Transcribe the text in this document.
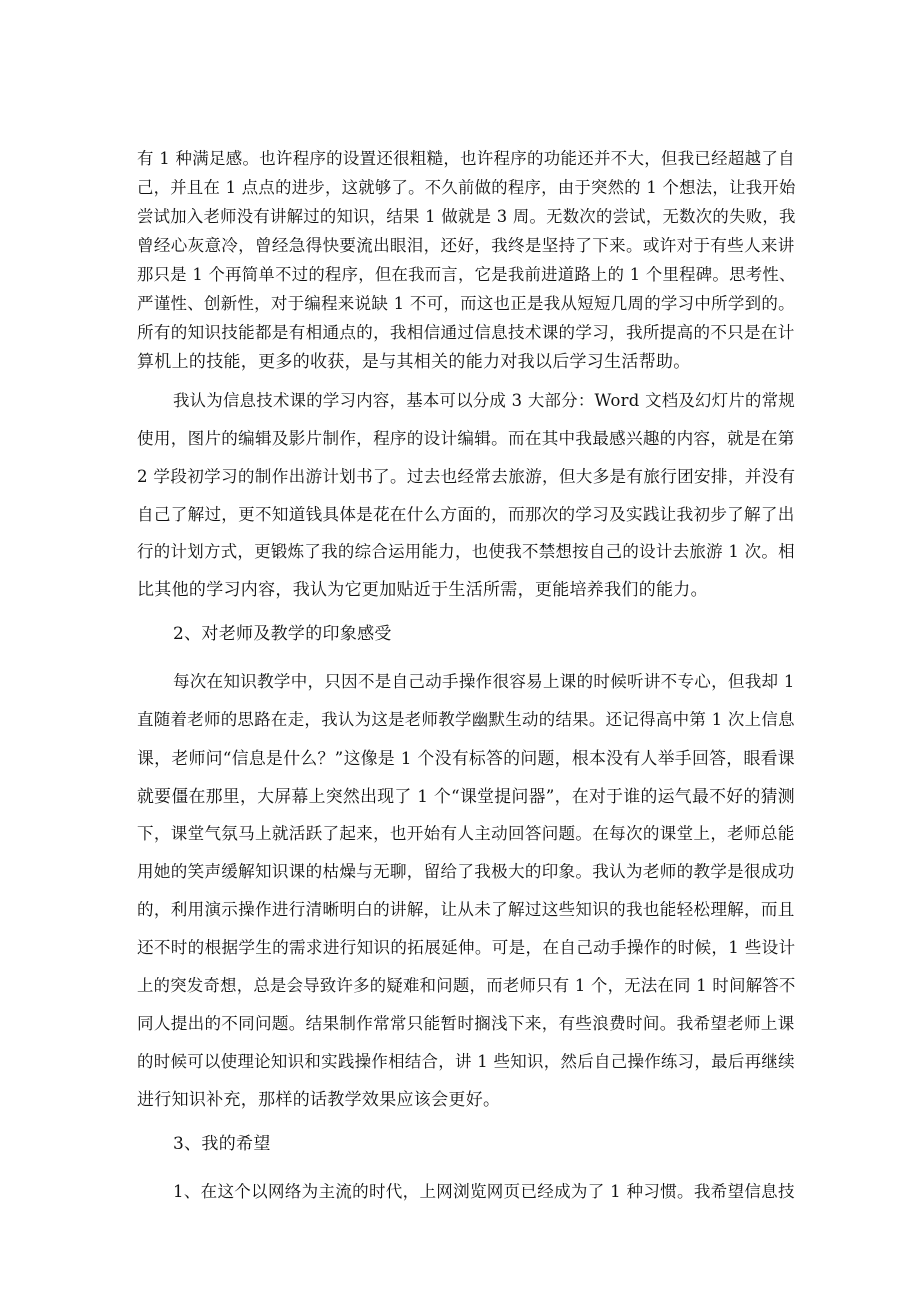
有 1 种满足感。也许程序的设置还很粗糙，也许程序的功能还并不大，但我已经超越了自
己，并且在 1 点点的进步，这就够了。不久前做的程序，由于突然的 1 个想法，让我开始
尝试加入老师没有讲解过的知识，结果 1 做就是 3 周。无数次的尝试，无数次的失败，我
曾经心灰意冷，曾经急得快要流出眼泪，还好，我终是坚持了下来。或许对于有些人来讲
那只是 1 个再简单不过的程序，但在我而言，它是我前进道路上的 1 个里程碑。思考性、
严谨性、创新性，对于编程来说缺 1 不可，而这也正是我从短短几周的学习中所学到的。
所有的知识技能都是有相通点的，我相信通过信息技术课的学习，我所提高的不只是在计
算机上的技能，更多的收获，是与其相关的能力对我以后学习生活帮助。
我认为信息技术课的学习内容，基本可以分成 3 大部分：Word 文档及幻灯片的常规
使用，图片的编辑及影片制作，程序的设计编辑。而在其中我最感兴趣的内容，就是在第
2 学段初学习的制作出游计划书了。过去也经常去旅游，但大多是有旅行团安排，并没有
自己了解过，更不知道钱具体是花在什么方面的，而那次的学习及实践让我初步了解了出
行的计划方式，更锻炼了我的综合运用能力，也使我不禁想按自己的设计去旅游 1 次。相
比其他的学习内容，我认为它更加贴近于生活所需，更能培养我们的能力。
2、对老师及教学的印象感受
每次在知识教学中，只因不是自己动手操作很容易上课的时候听讲不专心，但我却 1
直随着老师的思路在走，我认为这是老师教学幽默生动的结果。还记得高中第 1 次上信息
课，老师问“信息是什么？”这像是 1 个没有标答的问题，根本没有人举手回答，眼看课
就要僵在那里，大屏幕上突然出现了 1 个“课堂提问器”，在对于谁的运气最不好的猜测
下，课堂气氛马上就活跃了起来，也开始有人主动回答问题。在每次的课堂上，老师总能
用她的笑声缓解知识课的枯燥与无聊，留给了我极大的印象。我认为老师的教学是很成功
的，利用演示操作进行清晰明白的讲解，让从未了解过这些知识的我也能轻松理解，而且
还不时的根据学生的需求进行知识的拓展延伸。可是，在自己动手操作的时候，1 些设计
上的突发奇想，总是会导致许多的疑难和问题，而老师只有 1 个，无法在同 1 时间解答不
同人提出的不同问题。结果制作常常只能暂时搁浅下来，有些浪费时间。我希望老师上课
的时候可以使理论知识和实践操作相结合，讲 1 些知识，然后自己操作练习，最后再继续
进行知识补充，那样的话教学效果应该会更好。
3、我的希望
1、在这个以网络为主流的时代，上网浏览网页已经成为了 1 种习惯。我希望信息技
